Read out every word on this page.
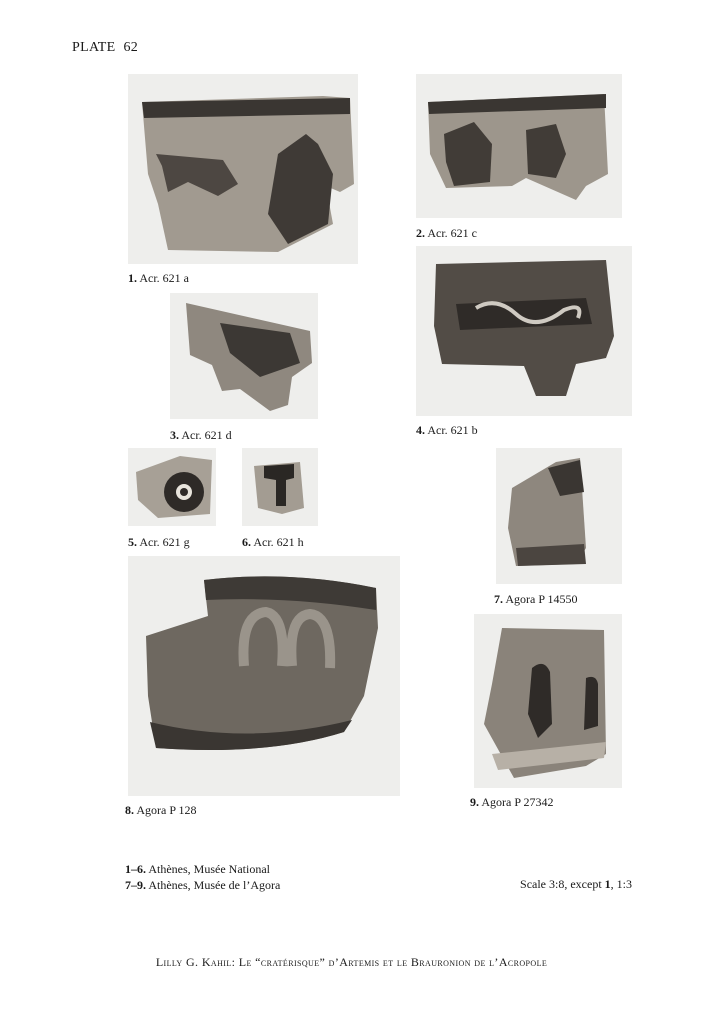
PLATE 62
1. Acr. 621 a
2. Acr. 621 c
3. Acr. 621 d	4. Acr. 621 b
5. Acr. 621 g	6. Acr. 621 h
7. Agora P 14550
8. Agora P 128
9. Agora P 27342
1–6. Athènes, Musée National
7–9. Athènes, Musée de l’Agora	Scale 3:8, except 1, 1:3
Lilly G. Kahil: Le “cratérisque” d’Artemis et le Brauronion de l’Acropole
